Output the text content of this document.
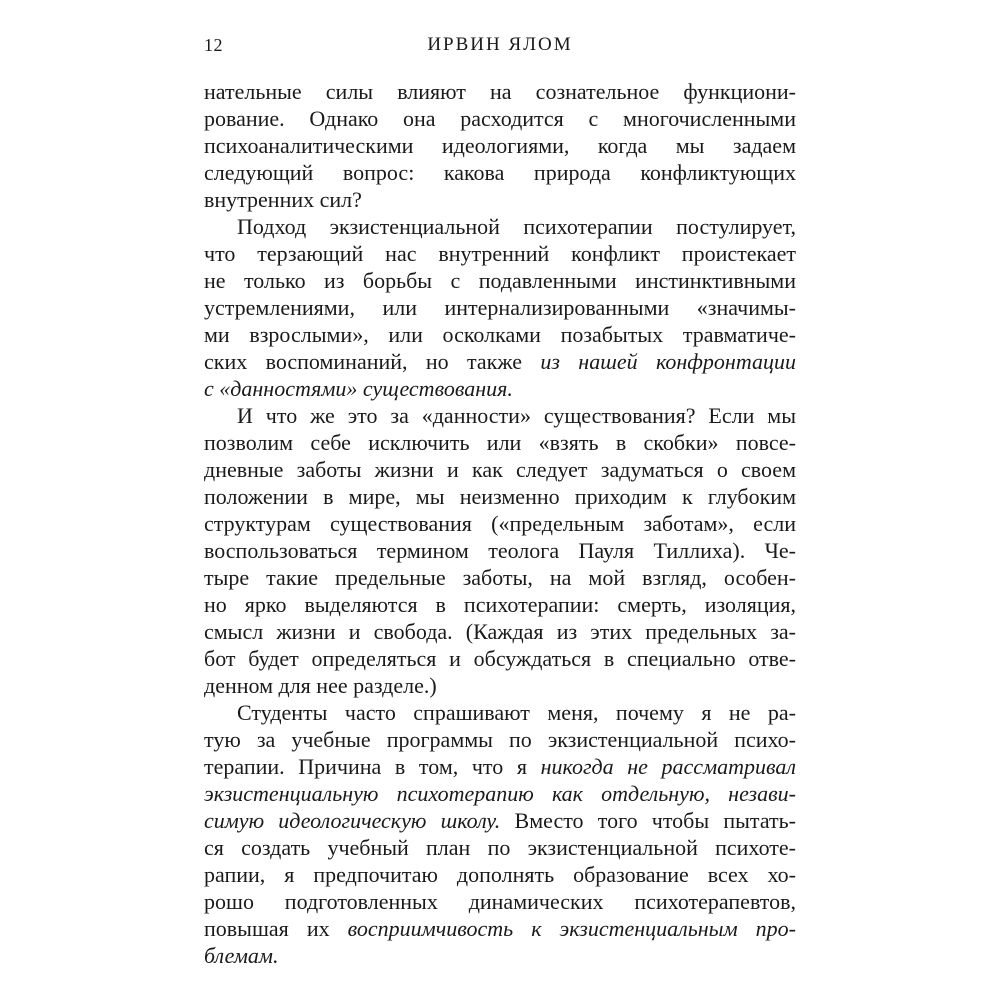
12	ИРВИН ЯЛОМ
нательные силы влияют на сознательное функциони-
рование. Однако она расходится с многочисленными
психоаналитическими идеологиями, когда мы задаем
следующий вопрос: какова природа конфликтующих
внутренних сил?
Подход экзистенциальной психотерапии постулирует,
что терзающий нас внутренний конфликт проистекает
не только из борьбы с подавленными инстинктивными
устремлениями, или интернализированными «значимы-
ми взрослыми», или осколками позабытых травматиче-
ских воспоминаний, но также из нашей конфронтации
с «данностями» существования.
И что же это за «данности» существования? Если мы
позволим себе исключить или «взять в скобки» повсе-
дневные заботы жизни и как следует задуматься о своем
положении в мире, мы неизменно приходим к глубоким
структурам существования («предельным заботам», если
воспользоваться термином теолога Пауля Тиллиха). Че-
тыре такие предельные заботы, на мой взгляд, особен-
но ярко выделяются в психотерапии: смерть, изоляция,
смысл жизни и свобода. (Каждая из этих предельных за-
бот будет определяться и обсуждаться в специально отве-
денном для нее разделе.)
Студенты часто спрашивают меня, почему я не ра-
тую за учебные программы по экзистенциальной психо-
терапии. Причина в том, что я никогда не рассматривал
экзистенциальную психотерапию как отдельную, незави-
симую идеологическую школу. Вместо того чтобы пытать-
ся создать учебный план по экзистенциальной психоте-
рапии, я предпочитаю дополнять образование всех хо-
рошо подготовленных динамических психотерапевтов,
повышая их восприимчивость к экзистенциальным про-
блемам.
